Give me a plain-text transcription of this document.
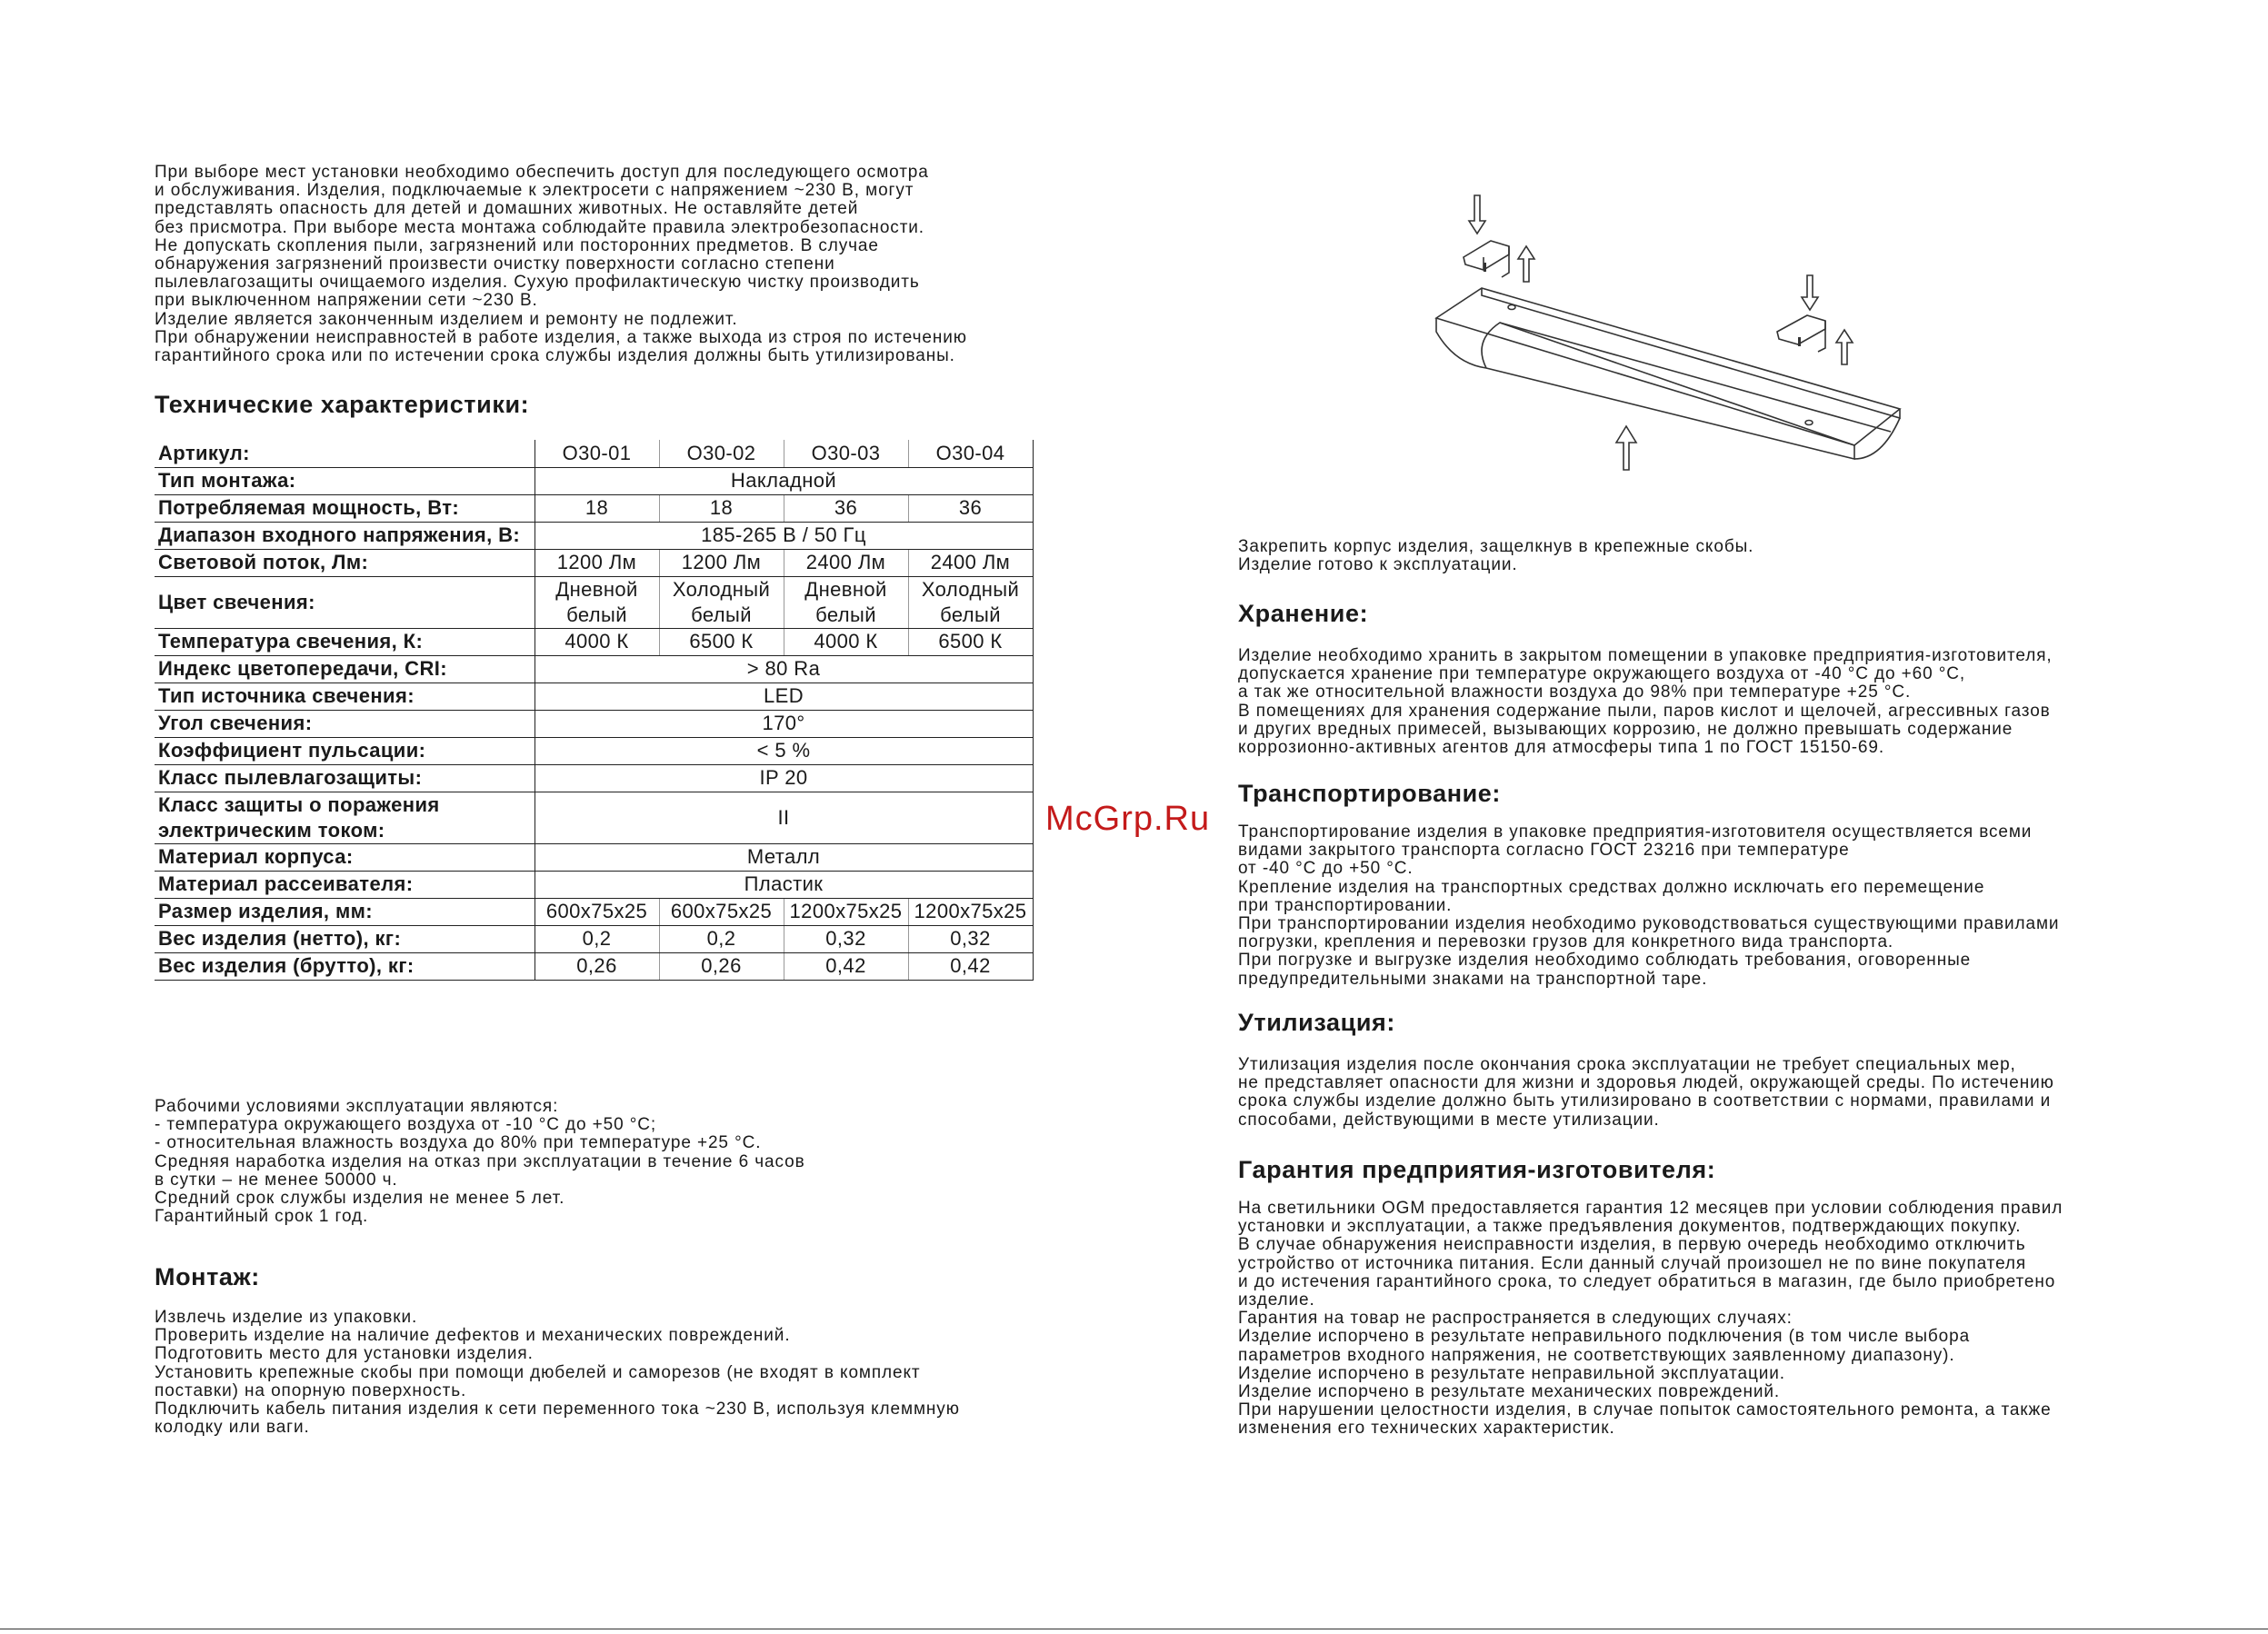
При выборе мест установки необходимо обеспечить доступ для последующего осмотра
и обслуживания. Изделия, подключаемые к электросети с напряжением ~230 В, могут
представлять опасность для детей и домашних животных. Не оставляйте детей
без присмотра. При выборе места монтажа соблюдайте правила электробезопасности.
Не допускать скопления пыли, загрязнений или посторонних предметов. В случае
обнаружения загрязнений произвести очистку поверхности согласно степени
пылевлагозащиты очищаемого изделия. Сухую профилактическую чистку производить
при выключенном напряжении сети ~230 В.
Изделие является законченным изделием и ремонту не подлежит.
При обнаружении неисправностей в работе изделия, а также выхода из строя по истечению
гарантийного срока или по истечении срока службы изделия должны быть утилизированы.
Технические характеристики:
Артикул:	O30-01	O30-02	O30-03	O30-04
Тип монтажа:	Накладной			
Потребляемая мощность, Вт:	18	18	36	36
Диапазон входного напряжения, В:	185-265 В / 50 Гц			
Световой поток, Лм:	1200 Лм	1200 Лм	2400 Лм	2400 Лм
Цвет свечения:	Дневной белый	Холодный белый	Дневной белый	Холодный белый
Температура свечения, К:	4000 К	6500 К	4000 К	6500 К
Индекс цветопередачи, CRI:	> 80 Ra			
Тип источника свечения:	LED			
Угол свечения:	170°			
Коэффициент пульсации:	< 5 %			
Класс пылевлагозащиты:	IP 20			
Класс защиты о поражения электрическим током:	II			
Материал корпуса:	Металл			
Материал рассеивателя:	Пластик			
Размер изделия, мм:	600x75x25	600x75x25	1200x75x25	1200x75x25
Вес изделия (нетто), кг:	0,2	0,2	0,32	0,32
Вес изделия (брутто), кг:	0,26	0,26	0,42	0,42
Рабочими условиями эксплуатации являются:
- температура окружающего воздуха от -10 °С до +50 °С;
- относительная влажность воздуха до 80% при температуре +25 °С.
Средняя наработка изделия на отказ при эксплуатации в течение 6 часов
в сутки – не менее 50000 ч.
Средний срок службы изделия не менее 5 лет.
Гарантийный срок 1 год.
Монтаж:
Извлечь изделие из упаковки.
Проверить изделие на наличие дефектов и механических повреждений.
Подготовить место для установки изделия.
Установить крепежные скобы при помощи дюбелей и саморезов (не входят в комплект
поставки) на опорную поверхность.
Подключить кабель питания изделия к сети переменного тока ~230 В, используя клеммную
колодку или ваги.
Закрепить корпус изделия, защелкнув в крепежные скобы.
Изделие готово к эксплуатации.
Хранение:
Изделие необходимо хранить в закрытом помещении в упаковке предприятия-изготовителя,
допускается хранение при температуре окружающего воздуха от -40 °С до +60 °С,
а так же относительной влажности воздуха до 98% при температуре +25 °С.
В помещениях для хранения содержание пыли, паров кислот и щелочей, агрессивных газов
и других вредных примесей, вызывающих коррозию, не должно превышать содержание
коррозионно-активных агентов для атмосферы типа 1 по ГОСТ 15150-69.
Транспортирование:
Транспортирование изделия в упаковке предприятия-изготовителя осуществляется всеми
видами закрытого транспорта согласно ГОСТ 23216 при температуре
от -40 °С до +50 °С.
Крепление изделия на транспортных средствах должно исключать его перемещение
при транспортировании.
При транспортировании изделия необходимо руководствоваться существующими правилами
погрузки, крепления и перевозки грузов для конкретного вида транспорта.
При погрузке и выгрузке изделия необходимо соблюдать требования, оговоренные
предупредительными знаками на транспортной таре.
Утилизация:
Утилизация изделия после окончания срока эксплуатации не требует специальных мер,
не представляет опасности для жизни и здоровья людей, окружающей среды. По истечению
срока службы изделие должно быть утилизировано в соответствии с нормами, правилами и
способами, действующими в месте утилизации.
Гарантия предприятия-изготовителя:
На светильники OGM предоставляется гарантия 12 месяцев при условии соблюдения правил
установки и эксплуатации, а также предъявления документов, подтверждающих покупку.
В случае обнаружения неисправности изделия, в первую очередь необходимо отключить
устройство от источника питания. Если данный случай произошел не по вине покупателя
и до истечения гарантийного срока, то следует обратиться в магазин, где было приобретено
изделие.
Гарантия на товар не распространяется в следующих случаях:
Изделие испорчено в результате неправильного подключения (в том числе выбора
параметров входного напряжения, не соответствующих заявленному диапазону).
Изделие испорчено в результате неправильной эксплуатации.
Изделие испорчено в результате механических повреждений.
При нарушении целостности изделия, в случае попыток самостоятельного ремонта, а также
изменения его технических характеристик.
McGrp.Ru
